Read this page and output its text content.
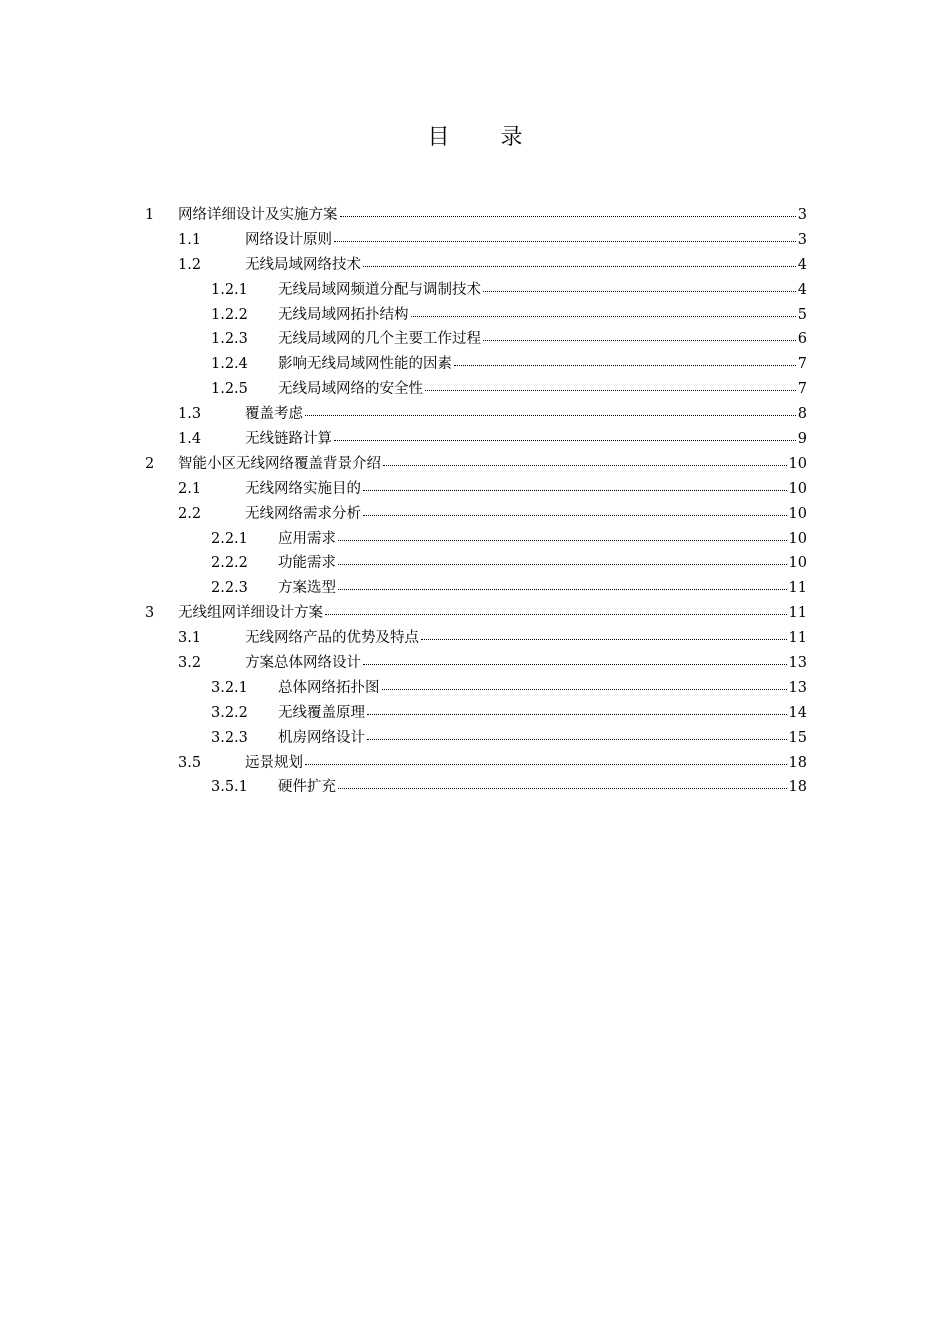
目 录
1	网络详细设计及实施方案	3
1.1	网络设计原则	3
1.2	无线局域网络技术	4
1.2.1	无线局域网频道分配与调制技术	4
1.2.2	无线局域网拓扑结构	5
1.2.3	无线局域网的几个主要工作过程	6
1.2.4	影响无线局域网性能的因素	7
1.2.5	无线局域网络的安全性	7
1.3	覆盖考虑	8
1.4	无线链路计算	9
2	智能小区无线网络覆盖背景介绍	10
2.1	无线网络实施目的	10
2.2	无线网络需求分析	10
2.2.1	应用需求	10
2.2.2	功能需求	10
2.2.3	方案选型	11
3	无线组网详细设计方案	11
3.1	无线网络产品的优势及特点	11
3.2	方案总体网络设计	13
3.2.1	总体网络拓扑图	13
3.2.2	无线覆盖原理	14
3.2.3	机房网络设计	15
3.5	远景规划	18
3.5.1	硬件扩充	18
